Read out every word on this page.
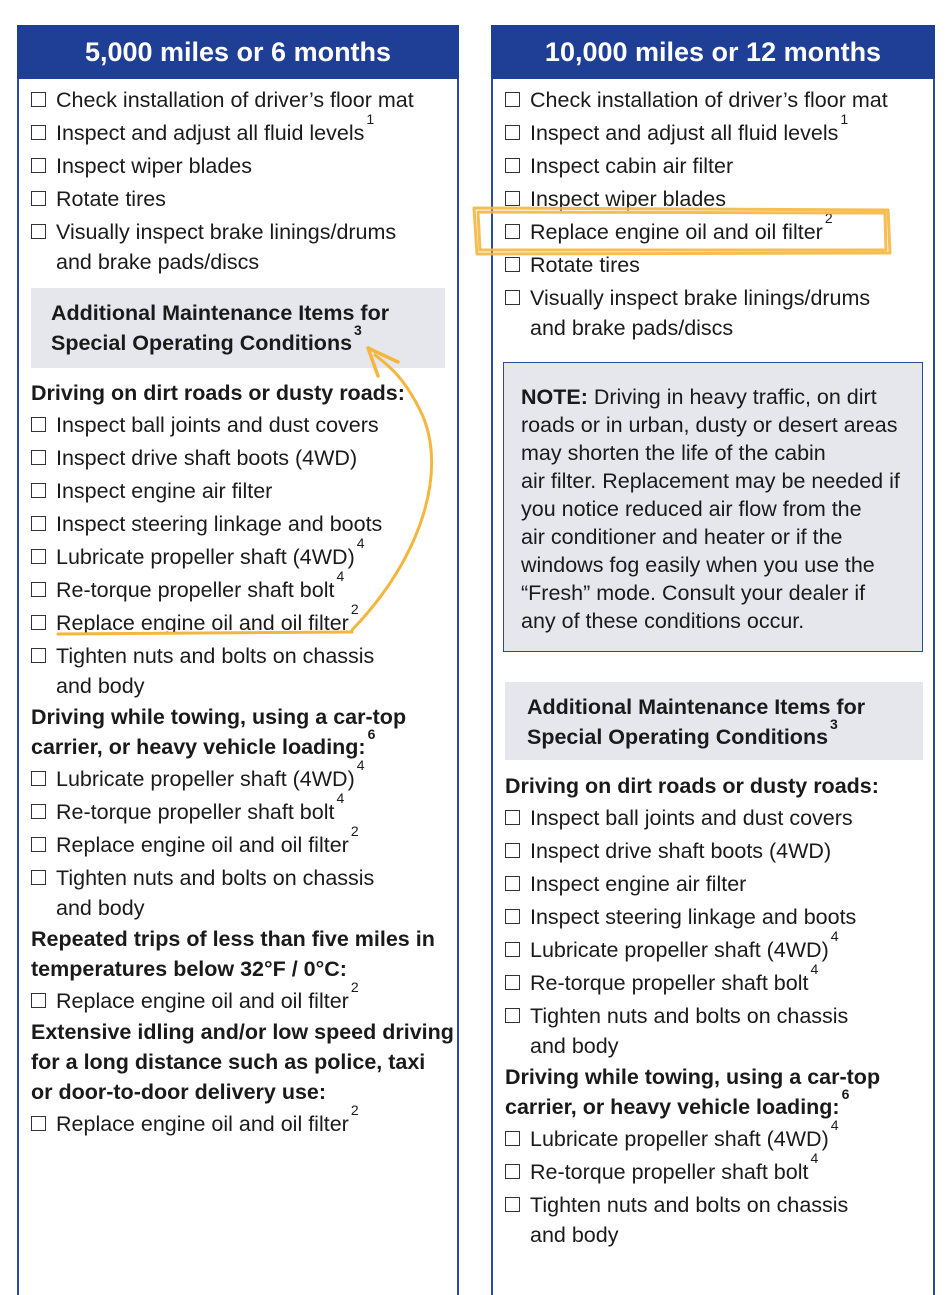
5,000 miles or 6 months
Check installation of driver’s floor mat
Inspect and adjust all fluid levels$^1$
Inspect wiper blades
Rotate tires
Visually inspect brake linings/drums
and brake pads/discs
Additional Maintenance Items for
Special Operating Conditions$^3$
Driving on dirt roads or dusty roads:
Inspect ball joints and dust covers
Inspect drive shaft boots (4WD)
Inspect engine air filter
Inspect steering linkage and boots
Lubricate propeller shaft $(4WD)^4$
Re-torque propeller shaft bolt$^4$
Replace engine oil and oil filter$^2$
Tighten nuts and bolts on chassis
and body
Driving while towing, using a car-top
carrier, or heavy vehicle loading:$^6$
Lubricate propeller shaft $(4WD)^4$
Re-torque propeller shaft bolt$^4$
Replace engine oil and oil filter$^2$
Tighten nuts and bolts on chassis
and body
Repeated trips of less than five miles in
temperatures below 32°F / 0°C:
Replace engine oil and oil filter$^2$
Extensive idling and/or low speed driving
for a long distance such as police, taxi
or door-to-door delivery use:
Replace engine oil and oil filter$^2$
10,000 miles or 12 months
Check installation of driver’s floor mat
Inspect and adjust all fluid levels$^1$
Inspect cabin air filter
Inspect wiper blades
Replace engine oil and oil filter$^2$
Rotate tires
Visually inspect brake linings/drums
and brake pads/discs
NOTE: Driving in heavy traffic, on dirt
roads or in urban, dusty or desert areas
may shorten the life of the cabin
air filter. Replacement may be needed if
you notice reduced air flow from the
air conditioner and heater or if the
windows fog easily when you use the
“Fresh” mode. Consult your dealer if
any of these conditions occur.
Additional Maintenance Items for
Special Operating Conditions$^3$
Driving on dirt roads or dusty roads:
Inspect ball joints and dust covers
Inspect drive shaft boots (4WD)
Inspect engine air filter
Inspect steering linkage and boots
Lubricate propeller shaft $(4WD)^4$
Re-torque propeller shaft bolt$^4$
Tighten nuts and bolts on chassis
and body
Driving while towing, using a car-top
carrier, or heavy vehicle loading:$^6$
Lubricate propeller shaft $(4WD)^4$
Re-torque propeller shaft bolt$^4$
Tighten nuts and bolts on chassis
and body
